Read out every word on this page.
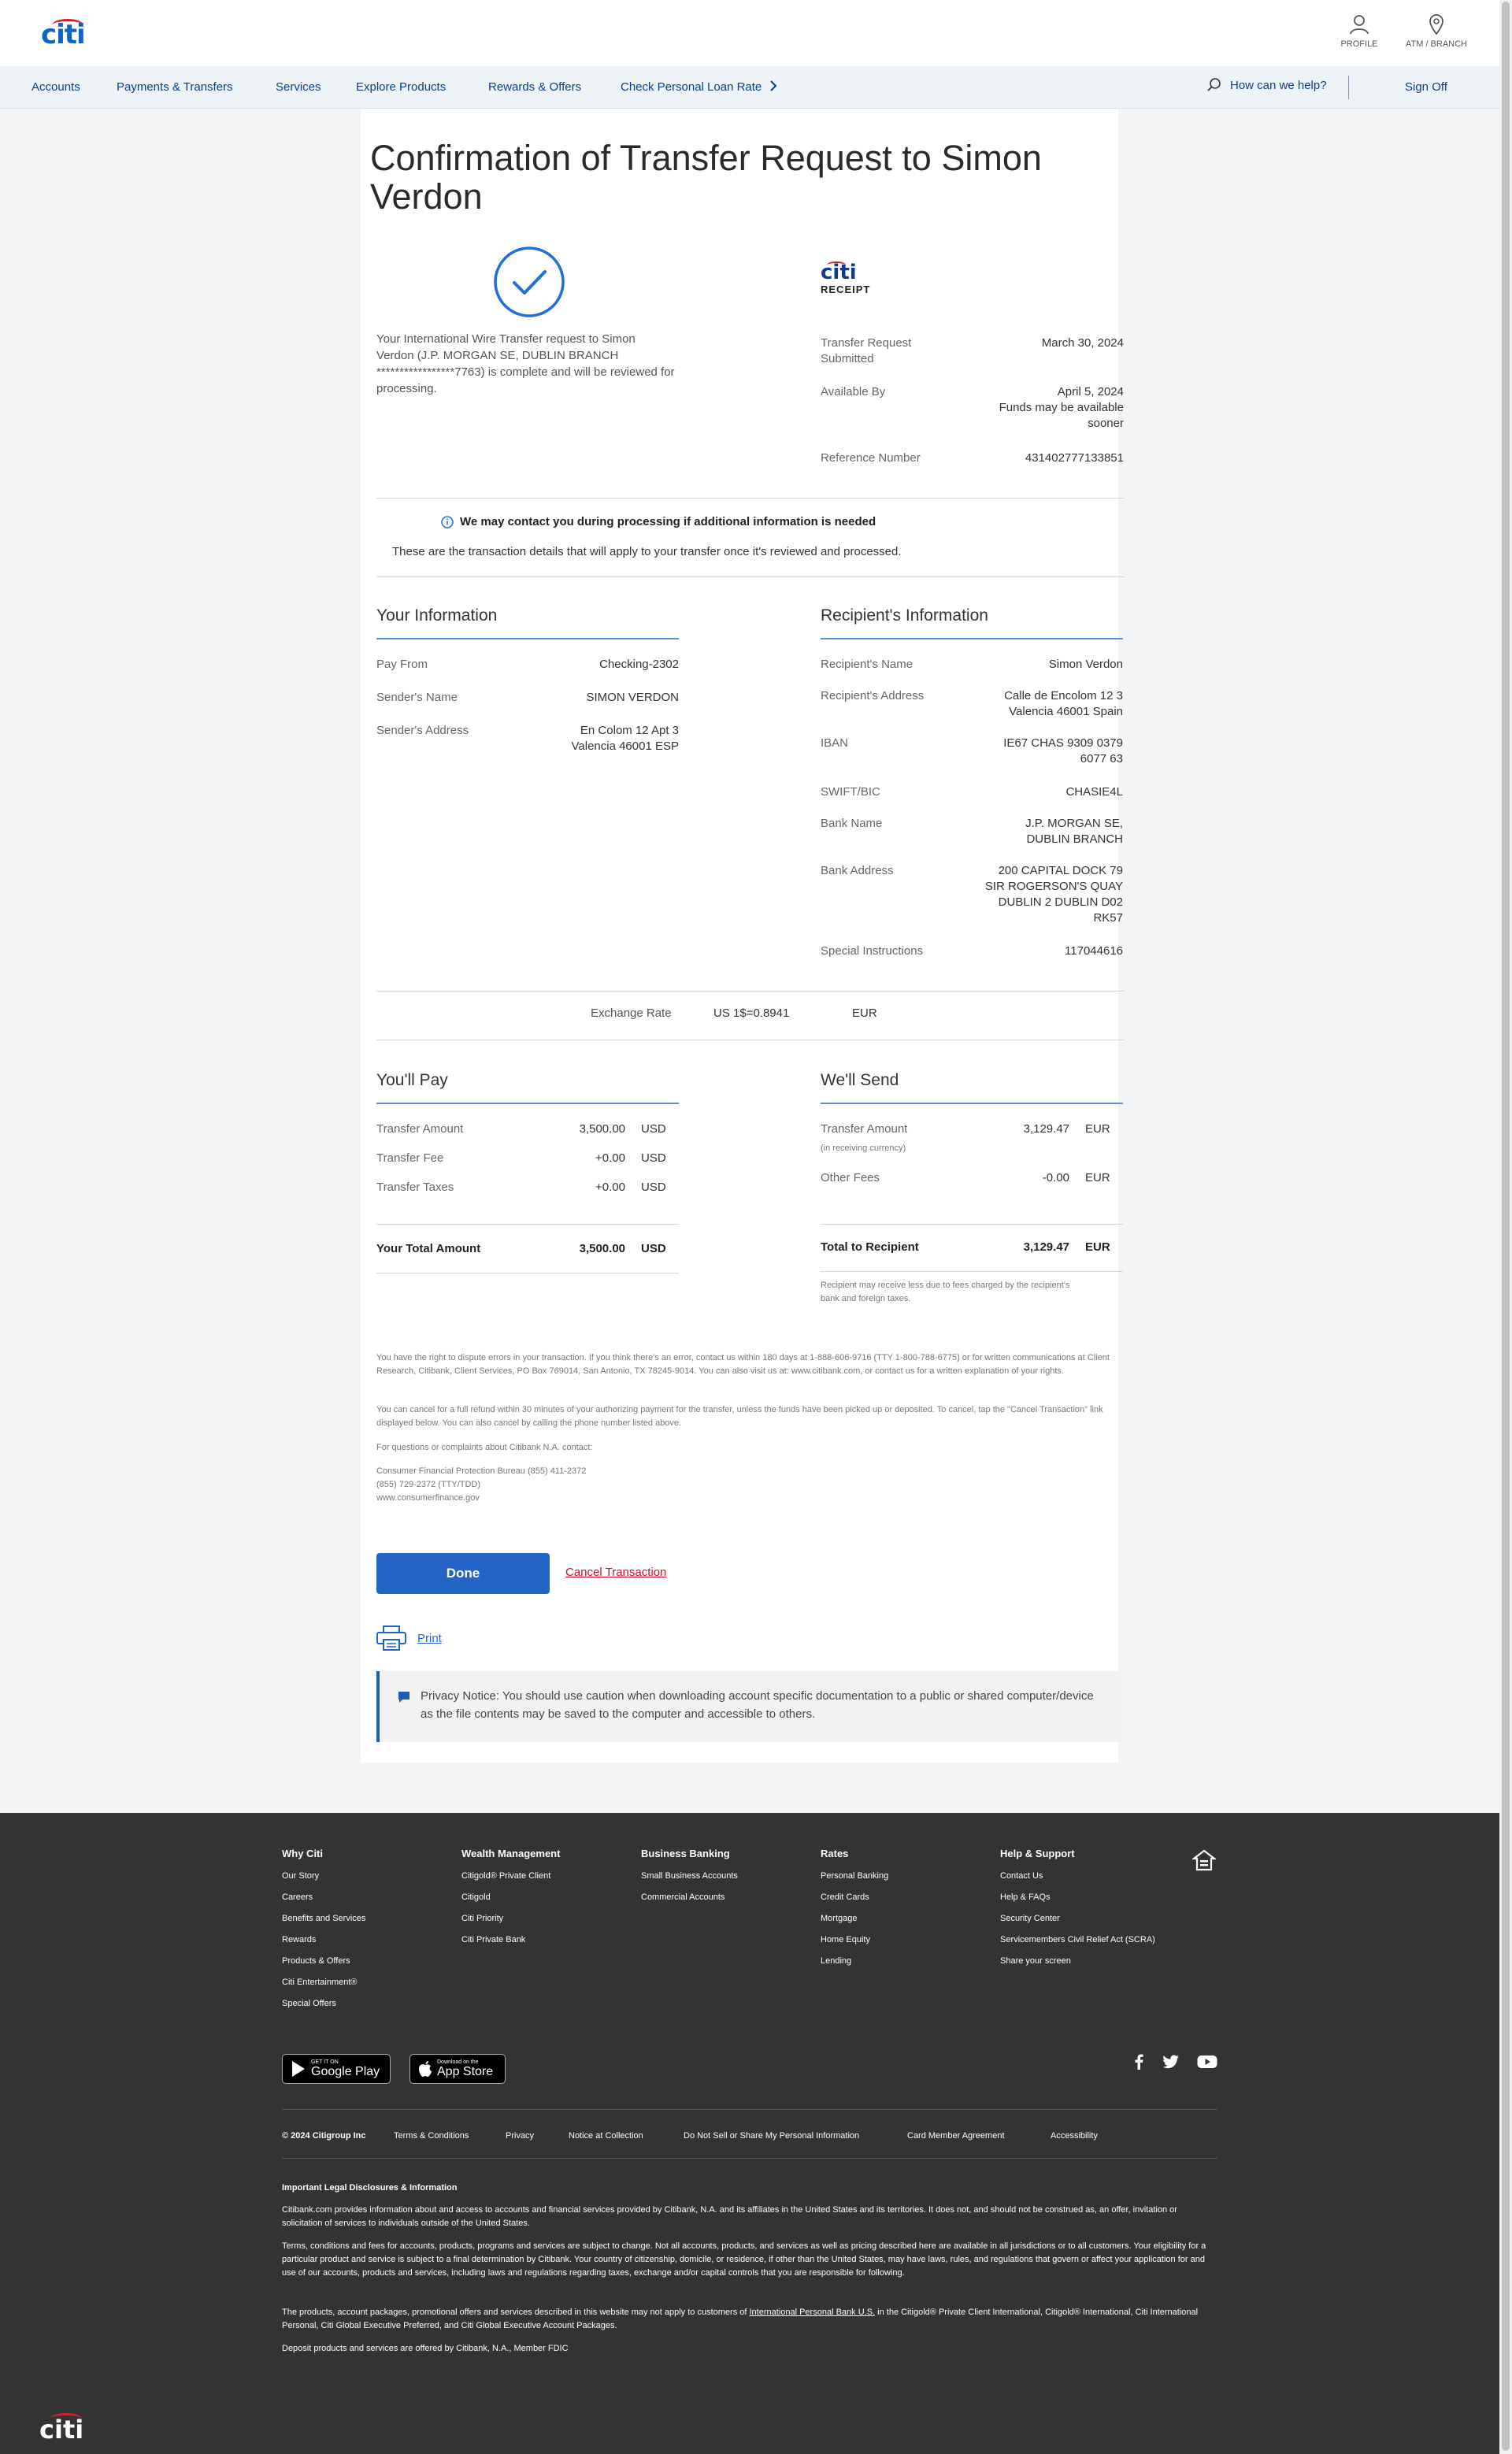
citi	PROFILE	ATM / BRANCH
Accounts	Payments & Transfers	Services	Explore Products	Rewards & Offers	Check Personal Loan Rate	How can we help?	Sign Off
Confirmation of Transfer Request to Simon Verdon

Your International Wire Transfer request to Simon Verdon (J.P. MORGAN SE, DUBLIN BRANCH *****************7763) is complete and will be reviewed for processing.

citi
RECEIPT
Transfer Request Submitted
March 30, 2024
Available By	April 5, 2024
Funds may be available sooner
Reference Number	431402777133851
We may contact you during processing if additional information is needed

These are the transaction details that will apply to your transfer once it's reviewed and processed.

Your Information
Pay From	Checking-2302
Sender's Name	SIMON VERDON
Sender's Address	En Colom 12 Apt 3
Valencia 46001 ESP
Recipient's Information
Recipient's Name	Simon Verdon
Recipient's Address	Calle de Encolom 12 3
Valencia 46001 Spain
IBAN	IE67 CHAS 9309 0379
6077 63
SWIFT/BIC	CHASIE4L
Bank Name	J.P. MORGAN SE,
DUBLIN BRANCH
Bank Address	200 CAPITAL DOCK 79
SIR ROGERSON'S QUAY
DUBLIN 2 DUBLIN D02
RK57
Special Instructions	117044616
Exchange Rate	US 1$=0.8941	EUR
You'll Pay
Transfer Amount	3,500.00 USD
Transfer Fee	+0.00 USD
Transfer Taxes	+0.00 USD
Your Total Amount	3,500.00 USD
We'll Send
Transfer Amount	3,129.47 EUR
(in receiving currency)
Other Fees	-0.00 EUR
Total to Recipient	3,129.47 EUR

Recipient may receive less due to fees charged by the recipient's bank and foreign taxes.

You have the right to dispute errors in your transaction. If you think there's an error, contact us within 180 days at 1-888-606-9716 (TTY 1-800-788-6775) or for written communications at Client Research, Citibank, Client Services, PO Box 769014, San Antonio, TX 78245-9014. You can also visit us at: www.citibank.com, or contact us for a written explanation of your rights.

You can cancel for a full refund within 30 minutes of your authorizing payment for the transfer, unless the funds have been picked up or deposited. To cancel, tap the "Cancel Transaction" link displayed below. You can also cancel by calling the phone number listed above.

For questions or complaints about Citibank N.A. contact:

Consumer Financial Protection Bureau (855) 411-2372
(855) 729-2372 (TTY/TDD)
www.consumerfinance.gov

Done	Cancel Transaction
Print

Privacy Notice: You should use caution when downloading account specific documentation to a public or shared computer/device as the file contents may be saved to the computer and accessible to others.

Why Citi
Our Story
Careers
Benefits and Services
Rewards
Products & Offers
Citi Entertainment®
Special Offers
Wealth Management
Citigold® Private Client
Citigold
Citi Priority
Citi Private Bank
Business Banking
Small Business Accounts
Commercial Accounts
Rates
Personal Banking
Credit Cards
Mortgage
Home Equity
Lending
Help & Support
Contact Us
Help & FAQs
Security Center
Servicemembers Civil Relief Act (SCRA)
Share your screen
GET IT ON
Google Play
Download on the
App Store
© 2024 Citigroup Inc	Terms & Conditions	Privacy	Notice at Collection	Do Not Sell or Share My Personal Information	Card Member Agreement	Accessibility

Important Legal Disclosures & Information

Citibank.com provides information about and access to accounts and financial services provided by Citibank, N.A. and its affiliates in the United States and its territories. It does not, and should not be construed as, an offer, invitation or solicitation of services to individuals outside of the United States.

Terms, conditions and fees for accounts, products, programs and services are subject to change. Not all accounts, products, and services as well as pricing described here are available in all jurisdictions or to all customers. Your eligibility for a particular product and service is subject to a final determination by Citibank. Your country of citizenship, domicile, or residence, if other than the United States, may have laws, rules, and regulations that govern or affect your application for and use of our accounts, products and services, including laws and regulations regarding taxes, exchange and/or capital controls that you are responsible for following.

The products, account packages, promotional offers and services described in this website may not apply to customers of International Personal Bank U.S. in the Citigold® Private Client International, Citigold® International, Citi International Personal, Citi Global Executive Preferred, and Citi Global Executive Account Packages.

Deposit products and services are offered by Citibank, N.A., Member FDIC

citi
